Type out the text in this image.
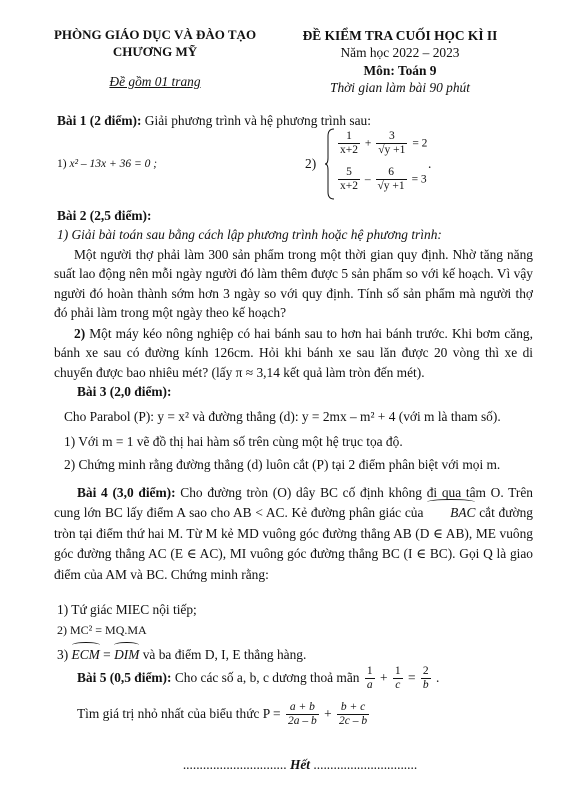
PHÒNG GIÁO DỤC VÀ ĐÀO TẠO
CHƯƠNG MỸ
Đề gồm 01 trang
ĐỀ KIỂM TRA CUỐI HỌC KÌ II
Năm học 2022 – 2023
Môn: Toán 9
Thời gian làm bài 90 phút
Bài 1 (2 điểm): Giải phương trình và hệ phương trình sau:
1) x² – 13x + 36 = 0 ;	2)
$\frac{1}{x+2} + \frac{3}{√y +1} = 2$
$\frac{5}{x+2} - \frac{6}{√y +1} = 3$
.
Bài 2 (2,5 điểm):
1) Giải bài toán sau bằng cách lập phương trình hoặc hệ phương trình:
Một người thợ phải làm 300 sản phẩm trong một thời gian quy định. Nhờ tăng năng suất lao động nên mỗi ngày người đó làm thêm được 5 sản phẩm so với kế hoạch. Vì vậy người đó hoàn thành sớm hơn 3 ngày so với quy định. Tính số sản phẩm mà người thợ đó phải làm trong một ngày theo kế hoạch?
2) Một máy kéo nông nghiệp có hai bánh sau to hơn hai bánh trước. Khi bơm căng, bánh xe sau có đường kính 126cm. Hỏi khi bánh xe sau lăn được 20 vòng thì xe di chuyển được bao nhiêu mét? (lấy π ≈ 3,14 kết quả làm tròn đến mét).
Bài 3 (2,0 điểm):
Cho Parabol (P): y = x² và đường thẳng (d): y = 2mx – m² + 4 (với m là tham số).
1) Với m = 1 vẽ đồ thị hai hàm số trên cùng một hệ trục tọa độ.
2) Chứng minh rằng đường thẳng (d) luôn cắt (P) tại 2 điểm phân biệt với mọi m.
Bài 4 (3,0 điểm): Cho đường tròn (O) dây BC cố định không đi qua tâm O. Trên cung lớn BC lấy điểm A sao cho AB < AC. Kẻ đường phân giác của BAC cắt đường tròn tại điểm thứ hai M. Từ M kẻ MD vuông góc đường thẳng AB (D ∈ AB), ME vuông góc đường thẳng AC (E ∈ AC), MI vuông góc đường thẳng BC (I ∈ BC). Gọi Q là giao điểm của AM và BC. Chứng minh rằng:
1) Tứ giác MIEC nội tiếp;
2) MC² = MQ.MA
3) ECM = DIM và ba điểm D, I, E thẳng hàng.
Bài 5 (0,5 điểm): Cho các số a, b, c dương thoả mãn $\frac{1}{a} + \frac{1}{c} = \frac{2}{b}$ .
Tìm giá trị nhỏ nhất của biểu thức $P = \frac{a + b}{2a - b} + \frac{b + c}{2c - b}$
............................... Hết ...............................
